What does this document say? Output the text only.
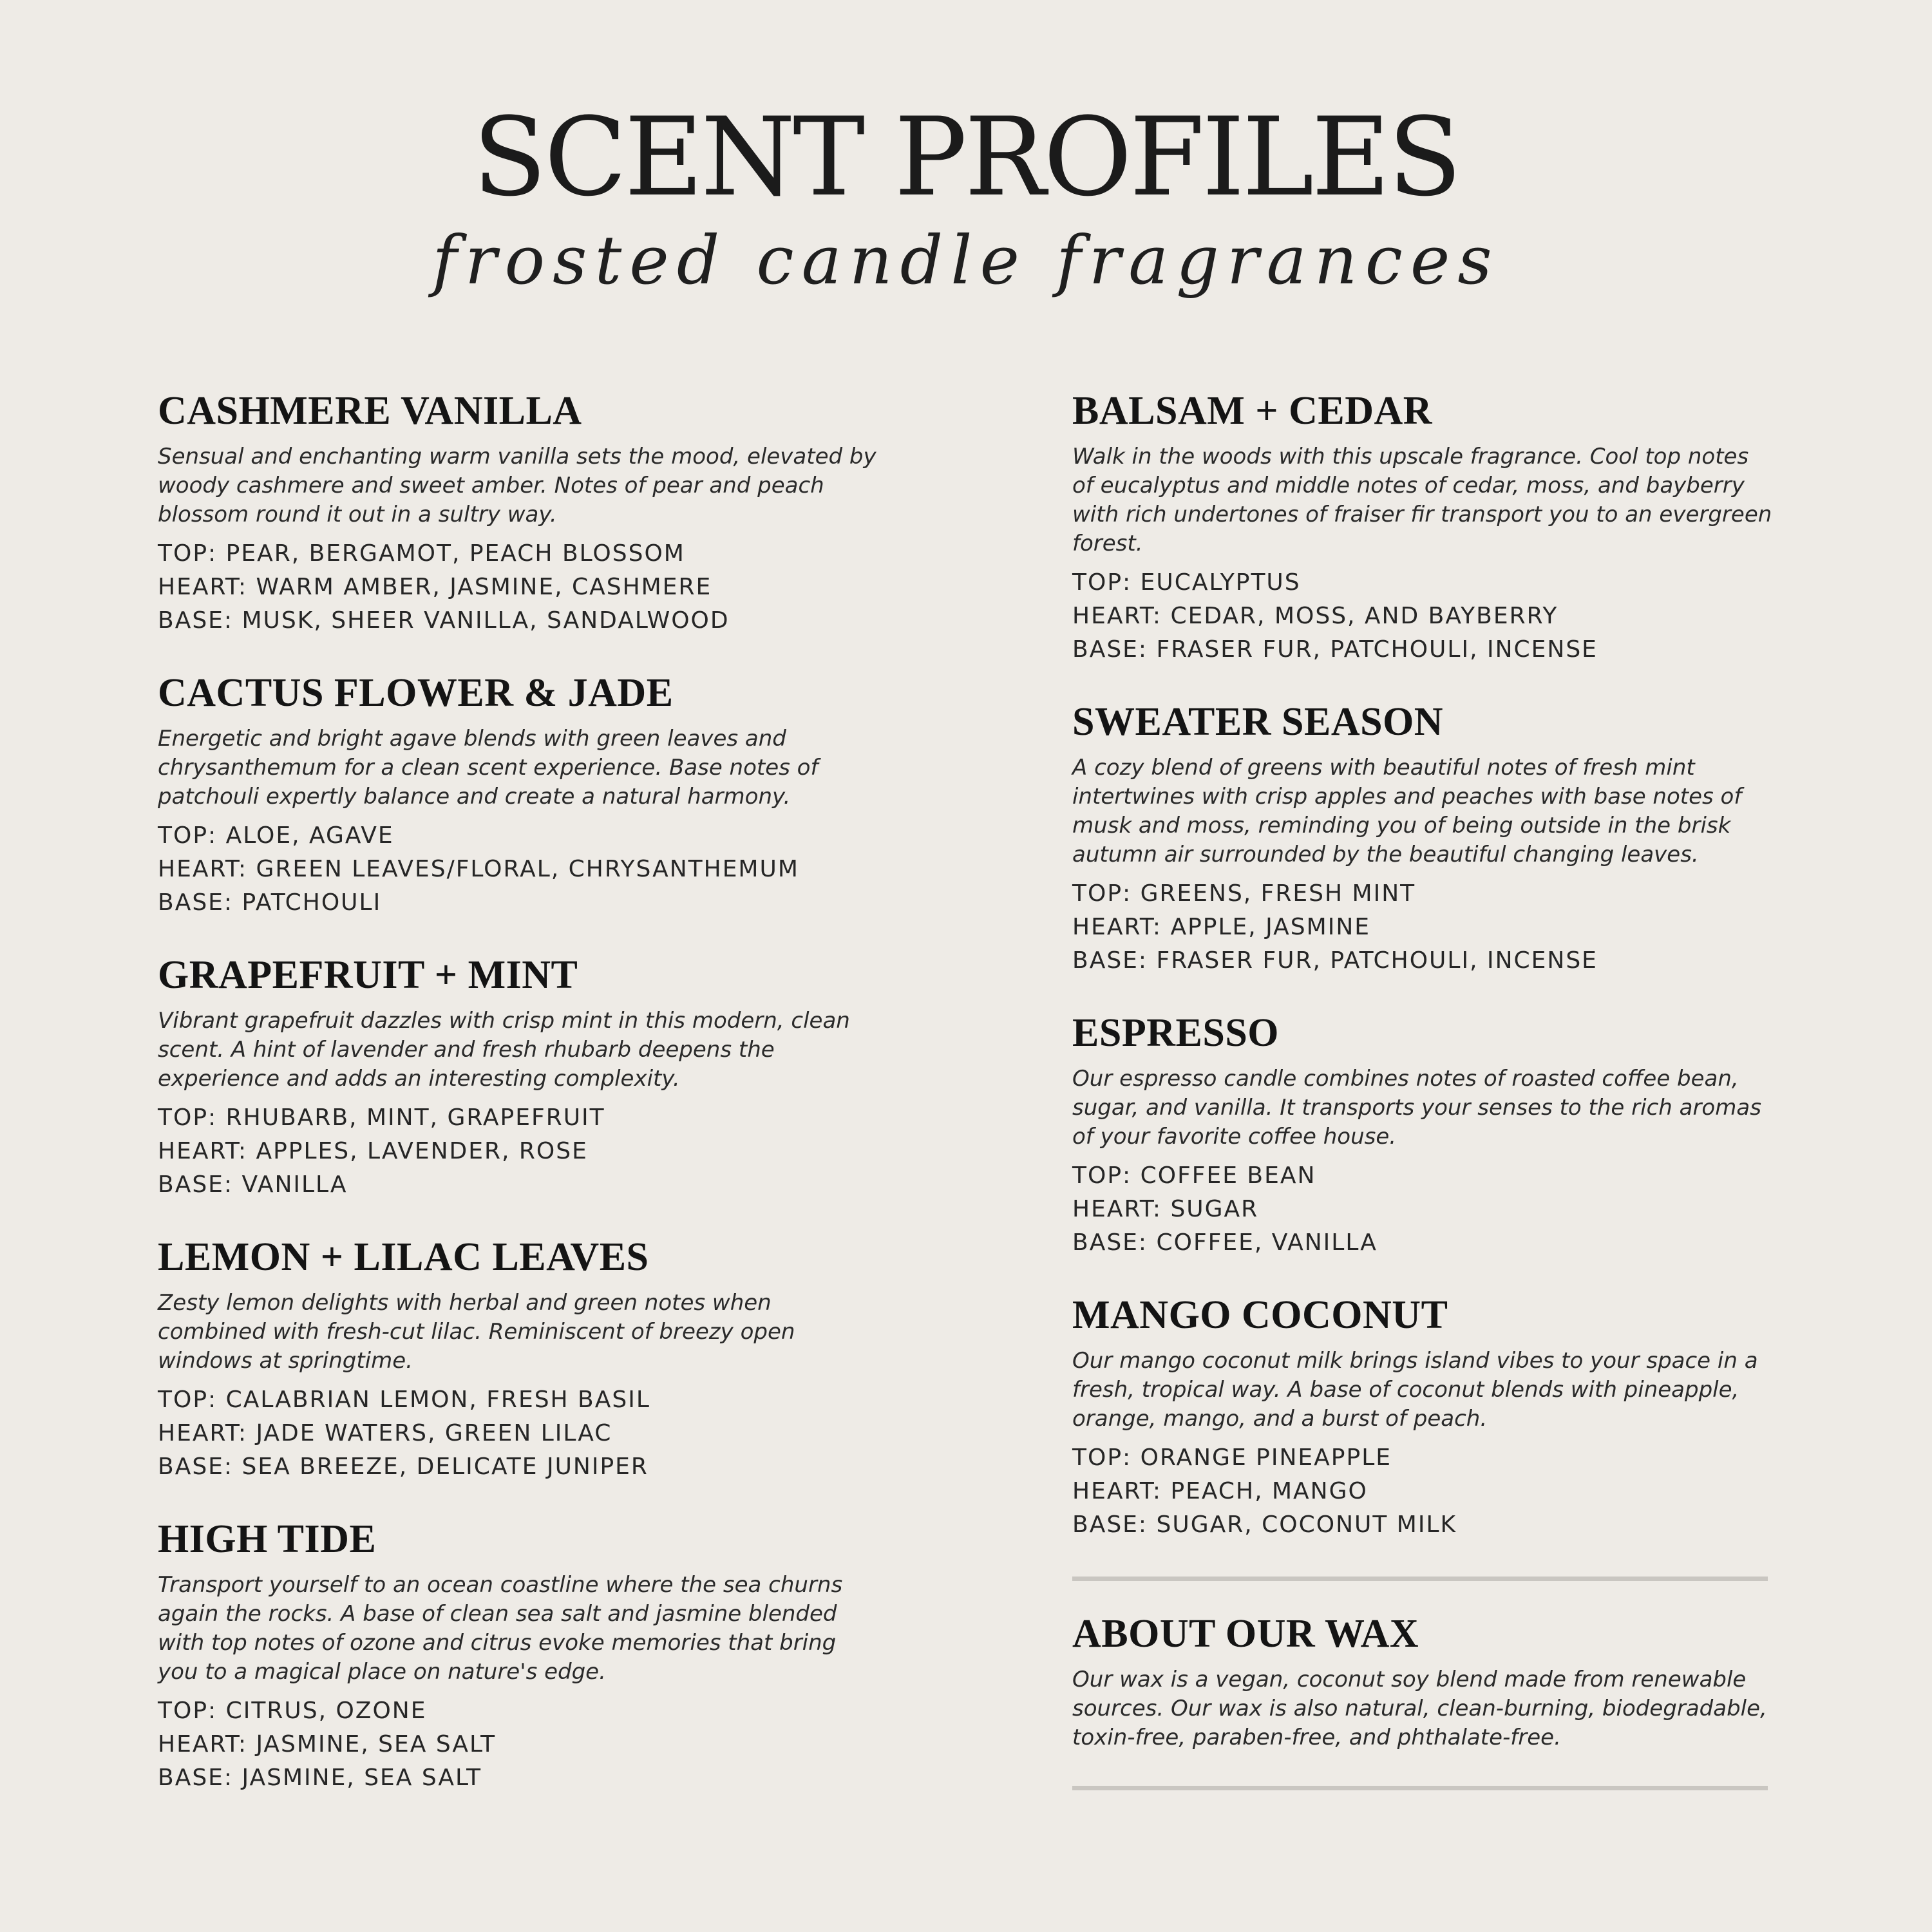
SCENT PROFILES

frosted candle fragrances

CASHMERE VANILLA

Sensual and enchanting warm vanilla sets the mood, elevated by woody cashmere and sweet amber. Notes of pear and peach blossom round it out in a sultry way.

TOP: PEAR, BERGAMOT, PEACH BLOSSOM

HEART: WARM AMBER, JASMINE, CASHMERE

BASE: MUSK, SHEER VANILLA, SANDALWOOD

CACTUS FLOWER & JADE

Energetic and bright agave blends with green leaves and chrysanthemum for a clean scent experience. Base notes of patchouli expertly balance and create a natural harmony.

TOP: ALOE, AGAVE

HEART: GREEN LEAVES/FLORAL, CHRYSANTHEMUM

BASE: PATCHOULI

GRAPEFRUIT + MINT

Vibrant grapefruit dazzles with crisp mint in this modern, clean scent. A hint of lavender and fresh rhubarb deepens the experience and adds an interesting complexity.

TOP: RHUBARB, MINT, GRAPEFRUIT

HEART: APPLES, LAVENDER, ROSE

BASE: VANILLA

LEMON + LILAC LEAVES

Zesty lemon delights with herbal and green notes when combined with fresh-cut lilac. Reminiscent of breezy open windows at springtime.

TOP: CALABRIAN LEMON, FRESH BASIL

HEART: JADE WATERS, GREEN LILAC

BASE: SEA BREEZE, DELICATE JUNIPER

HIGH TIDE

Transport yourself to an ocean coastline where the sea churns again the rocks. A base of clean sea salt and jasmine blended with top notes of ozone and citrus evoke memories that bring you to a magical place on nature's edge.

TOP: CITRUS, OZONE

HEART: JASMINE, SEA SALT

BASE: JASMINE, SEA SALT

BALSAM + CEDAR

Walk in the woods with this upscale fragrance. Cool top notes of eucalyptus and middle notes of cedar, moss, and bayberry with rich undertones of fraiser fir transport you to an evergreen forest.

TOP: EUCALYPTUS

HEART: CEDAR, MOSS, AND BAYBERRY

BASE: FRASER FUR, PATCHOULI, INCENSE

SWEATER SEASON

A cozy blend of greens with beautiful notes of fresh mint intertwines with crisp apples and peaches with base notes of musk and moss, reminding you of being outside in the brisk autumn air surrounded by the beautiful changing leaves.

TOP: GREENS, FRESH MINT

HEART: APPLE, JASMINE

BASE: FRASER FUR, PATCHOULI, INCENSE

ESPRESSO

Our espresso candle combines notes of roasted coffee bean, sugar, and vanilla. It transports your senses to the rich aromas of your favorite coffee house.

TOP: COFFEE BEAN

HEART: SUGAR

BASE: COFFEE, VANILLA

MANGO COCONUT

Our mango coconut milk brings island vibes to your space in a fresh, tropical way. A base of coconut blends with pineapple, orange, mango, and a burst of peach.

TOP: ORANGE PINEAPPLE

HEART: PEACH, MANGO

BASE: SUGAR, COCONUT MILK

ABOUT OUR WAX

Our wax is a vegan, coconut soy blend made from renewable sources. Our wax is also natural, clean-burning, biodegradable, toxin-free, paraben-free, and phthalate-free.
